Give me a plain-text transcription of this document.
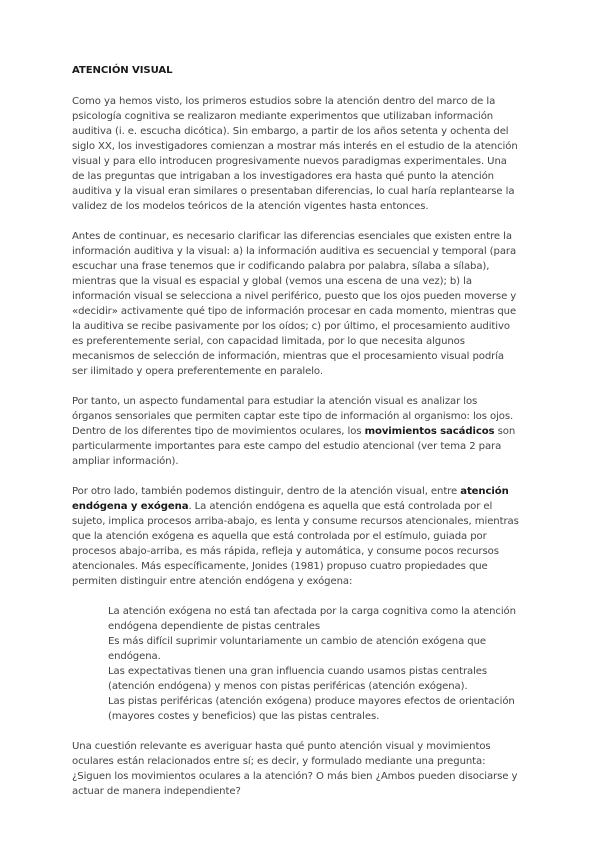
ATENCIÓN VISUAL

Como ya hemos visto, los primeros estudios sobre la atención dentro del marco de la psicología cognitiva se realizaron mediante experimentos que utilizaban información auditiva (i. e. escucha dicótica). Sin embargo, a partir de los años setenta y ochenta del siglo XX, los investigadores comienzan a mostrar más interés en el estudio de la atención visual y para ello introducen progresivamente nuevos paradigmas experimentales. Una de las preguntas que intrigaban a los investigadores era hasta qué punto la atención auditiva y la visual eran similares o presentaban diferencias, lo cual haría replantearse la validez de los modelos teóricos de la atención vigentes hasta entonces.

Antes de continuar, es necesario clarificar las diferencias esenciales que existen entre la información auditiva y la visual: a) la información auditiva es secuencial y temporal (para escuchar una frase tenemos que ir codificando palabra por palabra, sílaba a sílaba), mientras que la visual es espacial y global (vemos una escena de una vez); b) la información visual se selecciona a nivel periférico, puesto que los ojos pueden moverse y «decidir» activamente qué tipo de información procesar en cada momento, mientras que la auditiva se recibe pasivamente por los oídos; c) por último, el procesamiento auditivo es preferentemente serial, con capacidad limitada, por lo que necesita algunos mecanismos de selección de información, mientras que el procesamiento visual podría ser ilimitado y opera preferentemente en paralelo.

Por tanto, un aspecto fundamental para estudiar la atención visual es analizar los órganos sensoriales que permiten captar este tipo de información al organismo: los ojos. Dentro de los diferentes tipo de movimientos oculares, los movimientos sacádicos son particularmente importantes para este campo del estudio atencional (ver tema 2 para ampliar información).

Por otro lado, también podemos distinguir, dentro de la atención visual, entre atención endógena y exógena. La atención endógena es aquella que está controlada por el sujeto, implica procesos arriba-abajo, es lenta y consume recursos atencionales, mientras que la atención exógena es aquella que está controlada por el estímulo, guiada por procesos abajo-arriba, es más rápida, refleja y automática, y consume pocos recursos atencionales. Más específicamente, Jonides (1981) propuso cuatro propiedades que permiten distinguir entre atención endógena y exógena:

La atención exógena no está tan afectada por la carga cognitiva como la atención endógena dependiente de pistas centrales
Es más difícil suprimir voluntariamente un cambio de atención exógena que endógena.
Las expectativas tienen una gran influencia cuando usamos pistas centrales (atención endógena) y menos con pistas periféricas (atención exógena).
Las pistas periféricas (atención exógena) produce mayores efectos de orientación (mayores costes y beneficios) que las pistas centrales.

Una cuestión relevante es averiguar hasta qué punto atención visual y movimientos oculares están relacionados entre sí; es decir, y formulado mediante una pregunta: ¿Siguen los movimientos oculares a la atención? O más bien ¿Ambos pueden disociarse y actuar de manera independiente?
